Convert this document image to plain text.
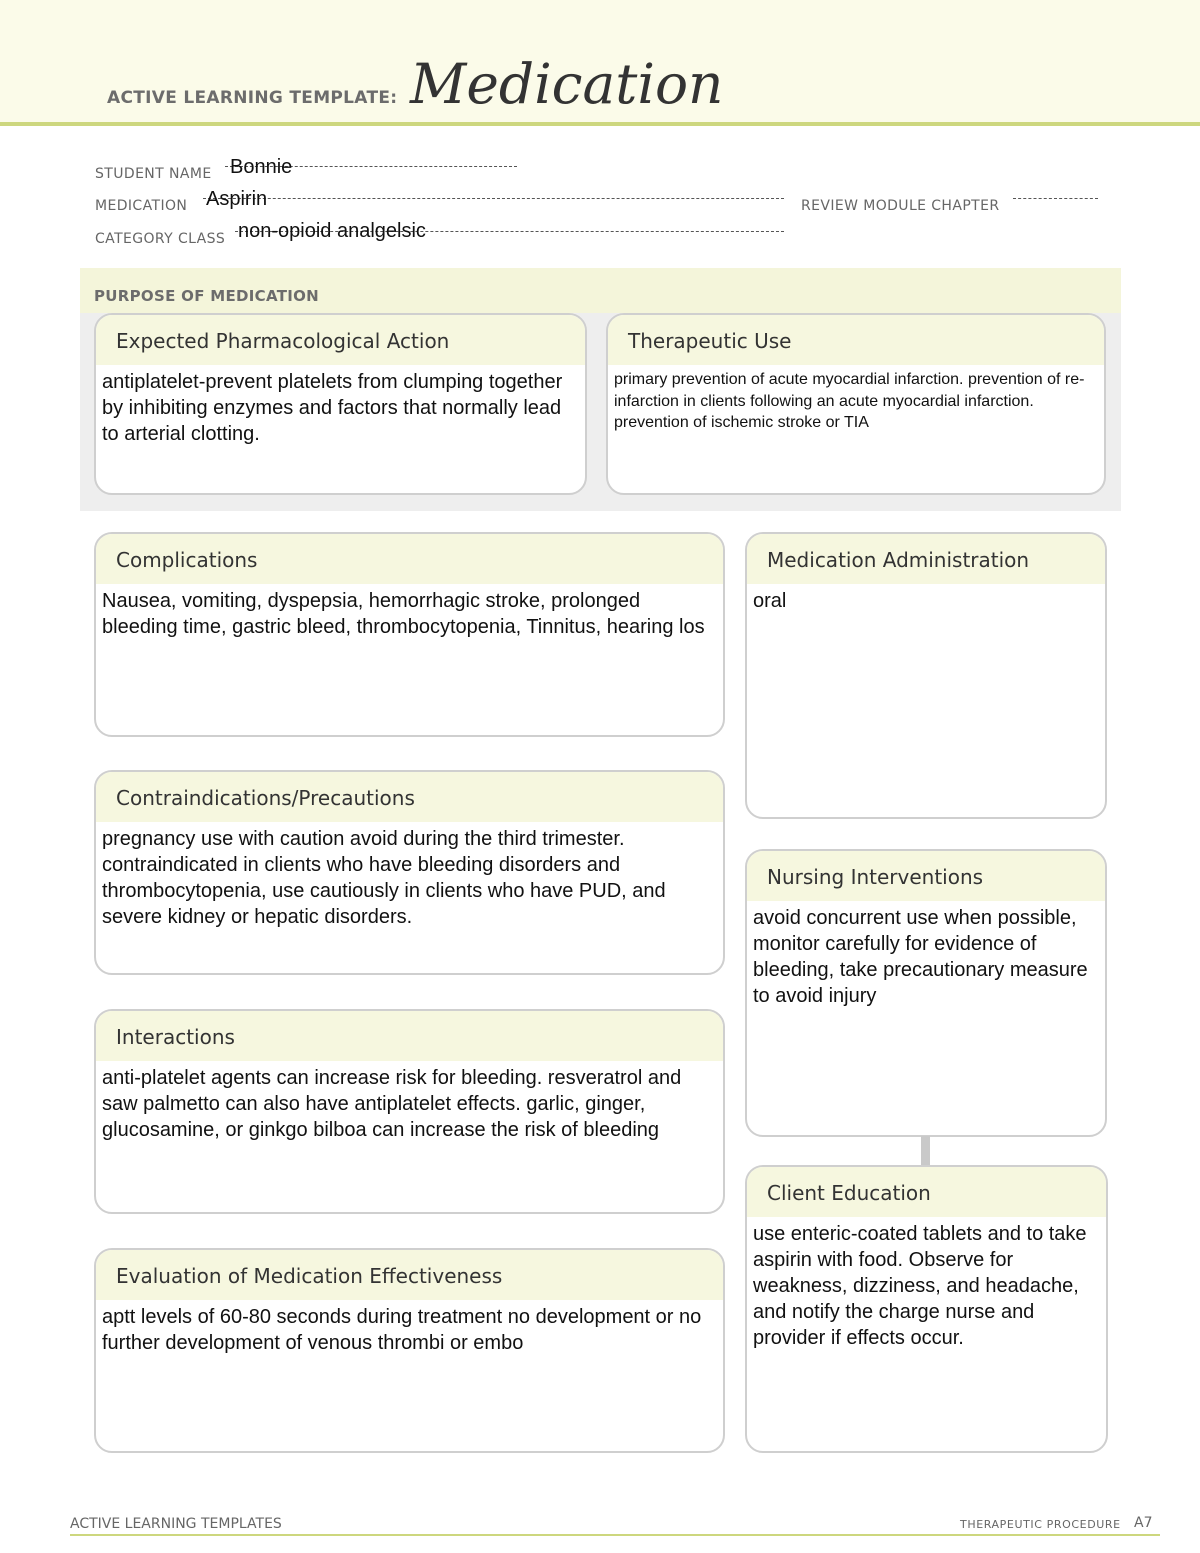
ACTIVE LEARNING TEMPLATE: Medication
STUDENT NAME Bonnie
MEDICATION Aspirin	REVIEW MODULE CHAPTER
CATEGORY CLASS non-opioid analgelsic
PURPOSE OF MEDICATION
Expected Pharmacological Action
antiplatelet-prevent platelets from clumping together by inhibiting enzymes and factors that normally lead to arterial clotting.
Therapeutic Use
primary prevention of acute myocardial infarction. prevention of re-infarction in clients following an acute myocardial infarction. prevention of ischemic stroke or TIA
Complications
Nausea, vomiting, dyspepsia, hemorrhagic stroke, prolonged bleeding time, gastric bleed, thrombocytopenia, Tinnitus, hearing los
Contraindications/Precautions
pregnancy use with caution avoid during the third trimester. contraindicated in clients who have bleeding disorders and thrombocytopenia, use cautiously in clients who have PUD, and severe kidney or hepatic disorders.
Interactions
anti-platelet agents can increase risk for bleeding. resveratrol and saw palmetto can also have antiplatelet effects. garlic, ginger, glucosamine, or ginkgo bilboa can increase the risk of bleeding
Evaluation of Medication Effectiveness
aptt levels of 60-80 seconds during treatment no development or no further development of venous thrombi or embo
Medication Administration
oral
Nursing Interventions
avoid concurrent use when possible, monitor carefully for evidence of bleeding, take precautionary measure to avoid injury
Client Education
use enteric-coated tablets and to take aspirin with food. Observe for weakness, dizziness, and headache, and notify the charge nurse and provider if effects occur.
ACTIVE LEARNING TEMPLATES	THERAPEUTIC PROCEDURE A7
